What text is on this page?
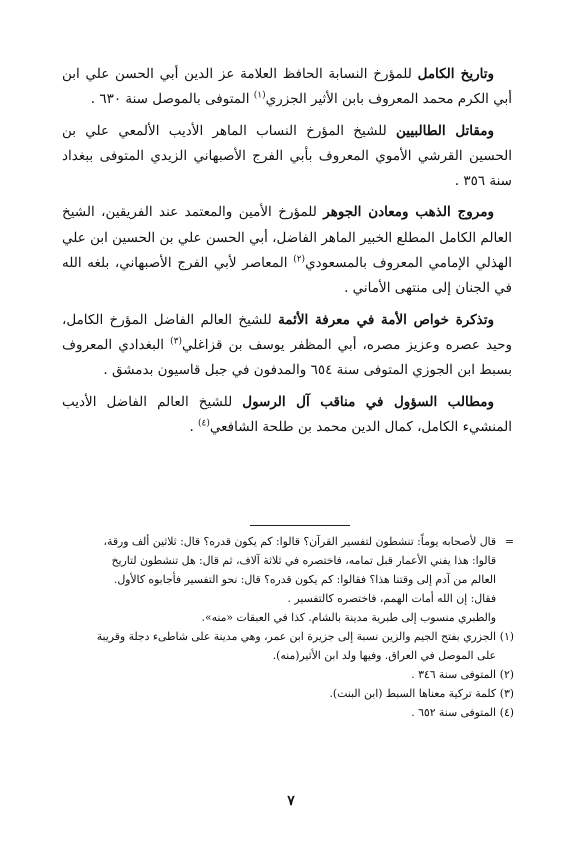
وتاريخ الكامل للمؤرخ النسابة الحافظ العلامة عز الدين أبي الحسن علي ابن أبي الكرم محمد المعروف بابن الأثير الجزري$^{(١)}$ المتوفى بالموصل سنة ٦٣٠ .

ومقاتل الطالبيين للشيخ المؤرخ النساب الماهر الأديب الألمعي علي بن الحسين القرشي الأموي المعروف بأبي الفرج الأصبهاني الزيدي المتوفى ببغداد سنة ٣٥٦ .

ومروج الذهب ومعادن الجوهر للمؤرخ الأمين والمعتمد عند الفريقين، الشيخ العالم الكامل المطلع الخبير الماهر الفاضل، أبي الحسن علي بن الحسين ابن علي الهذلي الإمامي المعروف بالمسعودي$^{(٢)}$ المعاصر لأبي الفرج الأصبهاني، بلغه الله في الجنان إلى منتهى الأماني .

وتذكرة خواص الأمة في معرفة الأئمة للشيخ العالم الفاضل المؤرخ الكامل، وحيد عصره وعزيز مصره، أبي المظفر يوسف بن قزاغلي$^{(٣)}$ البغدادي المعروف بسبط ابن الجوزي المتوفى سنة ٦٥٤ والمدفون في جبل قاسيون بدمشق .

ومطالب السؤول في مناقب آل الرسول للشيخ العالم الفاضل الأديب المنشيء الكامل، كمال الدين محمد بن طلحة الشافعي$^{(٤)}$ .

=
قال لأصحابه يوماً: تنشطون لتفسير القرآن؟ قالوا: كم يكون قدره؟ قال: ثلاثين ألف ورقة،
قالوا: هذا يفني الأعمار قبل تمامه، فاختصره في ثلاثة آلاف، ثم قال: هل تنشطون لتاريخ
العالم من آدم إلى وقتنا هذا؟ فقالوا: كم يكون قدره؟ قال: نحو التفسير فأجابوه كالأول.
فقال: إن الله أمات الهمم، فاختصره كالتفسير .
والطبري منسوب إلى طبرية مدينة بالشام. كذا في العبقات «منه».
(١)
الجزري بفتح الجيم والزين نسبة إلى جزيرة ابن عمر، وهي مدينة على شاطىء دجلة وقريبة
على الموصل في العراق. وفيها ولد ابن الأثير(منه).
(٢)
المتوفى سنة ٣٤٦ .
(٣)
كلمة تركية معناها السبط (ابن البنت).
(٤)
المتوفى سنة ٦٥٢ .
٧
